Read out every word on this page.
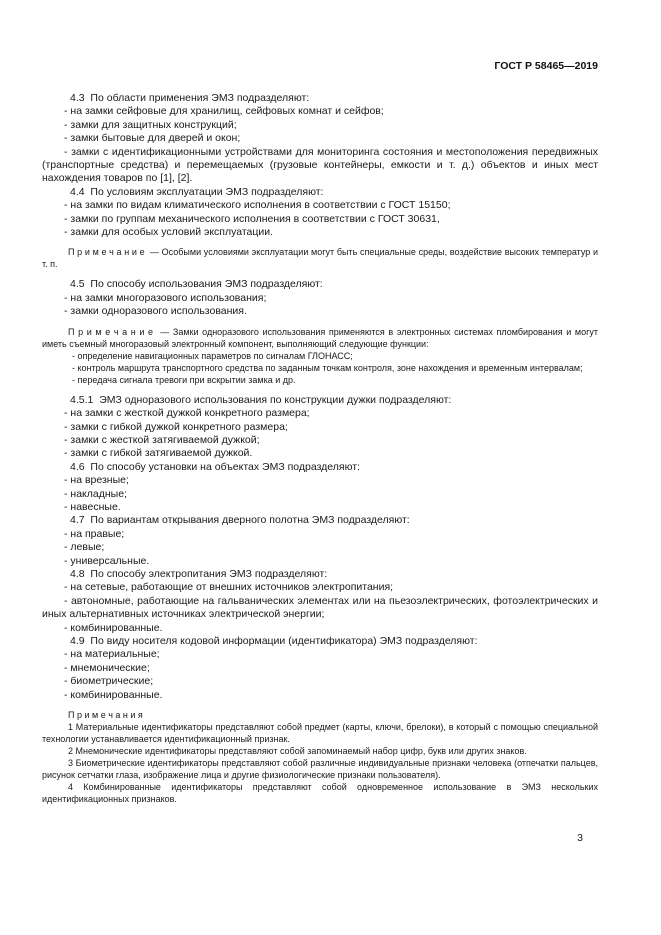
ГОСТ Р 58465—2019

4.3  По области применения ЭМЗ подразделяют:

- на замки сейфовые для хранилищ, сейфовых комнат и сейфов;

- замки для защитных конструкций;

- замки бытовые для дверей и окон;

- замки с идентификационными устройствами для мониторинга состояния и местоположения передвижных (транспортные средства) и перемещаемых (грузовые контейнеры, емкости и т. д.) объектов и иных мест нахождения товаров по [1], [2].

4.4  По условиям эксплуатации ЭМЗ подразделяют:

- на замки по видам климатического исполнения в соответствии с ГОСТ 15150;

- замки по группам механического исполнения в соответствии с ГОСТ 30631,

- замки для особых условий эксплуатации.

П р и м е ч а н и е  — Особыми условиями эксплуатации могут быть специальные среды, воздействие высоких температур и т. п.

4.5  По способу использования ЭМЗ подразделяют:

- на замки многоразового использования;

- замки одноразового использования.

П р и м е ч а н и е  — Замки одноразового использования применяются в электронных системах пломбирования и могут иметь съемный многоразовый электронный компонент, выполняющий следующие функции:

- определение навигационных параметров по сигналам ГЛОНАСС;

- контроль маршрута транспортного средства по заданным точкам контроля, зоне нахождения и временным интервалам;

- передача сигнала тревоги при вскрытии замка и др.

4.5.1  ЭМЗ одноразового использования по конструкции дужки подразделяют:

- на замки с жесткой дужкой конкретного размера;

- замки с гибкой дужкой конкретного размера;

- замки с жесткой затягиваемой дужкой;

- замки с гибкой затягиваемой дужкой.

4.6  По способу установки на объектах ЭМЗ подразделяют:

- на врезные;

- накладные;

- навесные.

4.7  По вариантам открывания дверного полотна ЭМЗ подразделяют:

- на правые;

- левые;

- универсальные.

4.8  По способу электропитания ЭМЗ подразделяют:

- на сетевые, работающие от внешних источников электропитания;

- автономные, работающие на гальванических элементах или на пьезоэлектрических, фотоэлектрических и иных альтернативных источниках электрической энергии;

- комбинированные.

4.9  По виду носителя кодовой информации (идентификатора) ЭМЗ подразделяют:

- на материальные;

- мнемонические;

- биометрические;

- комбинированные.

П р и м е ч а н и я

1 Материальные идентификаторы представляют собой предмет (карты, ключи, брелоки), в который с помощью специальной технологии устанавливается идентификационный признак.

2 Мнемонические идентификаторы представляют собой запоминаемый набор цифр, букв или других знаков.

3 Биометрические идентификаторы представляют собой различные индивидуальные признаки человека (отпечатки пальцев, рисунок сетчатки глаза, изображение лица и другие физиологические признаки пользователя).

4 Комбинированные идентификаторы представляют собой одновременное использование в ЭМЗ нескольких идентификационных признаков.

3
